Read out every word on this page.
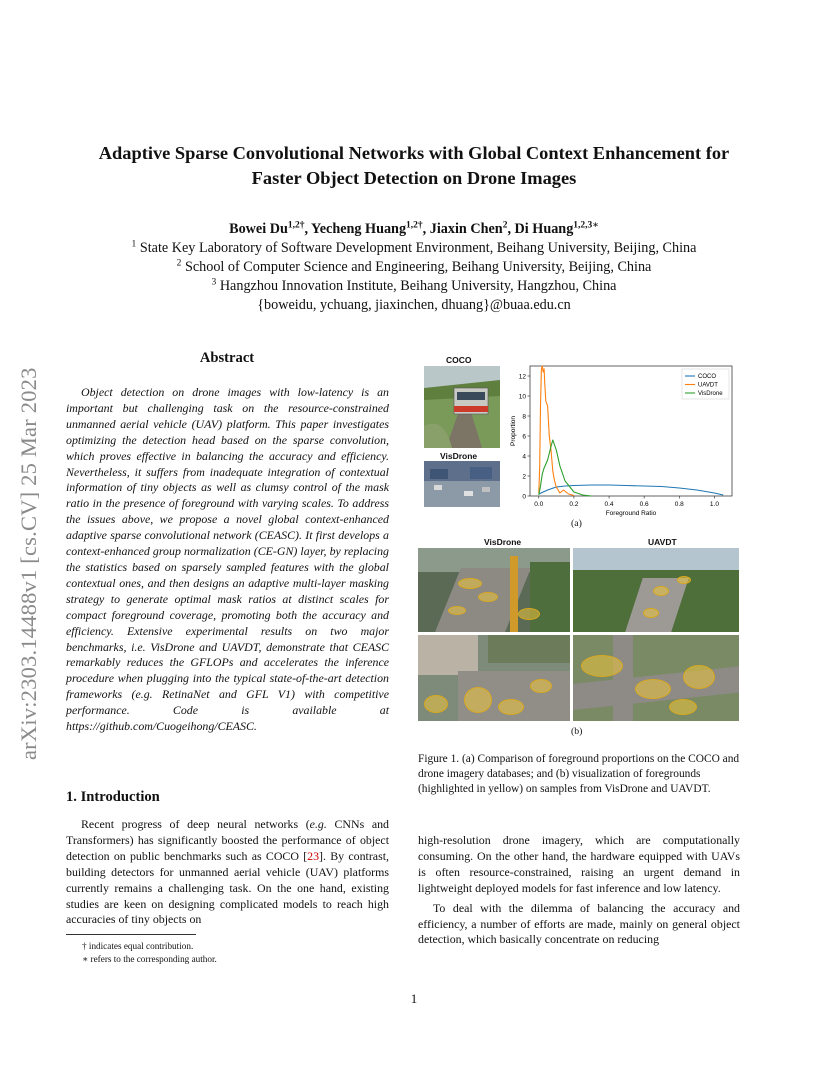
arXiv:2303.14488v1 [cs.CV] 25 Mar 2023
Adaptive Sparse Convolutional Networks with Global Context Enhancement for
Faster Object Detection on Drone Images
Bowei $Du^{1,2\dagger}$, Yecheng Huang$^{1,2\dagger}$, Jiaxin Chen$^2$, Di Huang$^{1,2,3∗}$
$^1$ State Key Laboratory of Software Development Environment, Beihang University, Beijing, China
$^2$ School of Computer Science and Engineering, Beihang University, Beijing, China
$^3$ Hangzhou Innovation Institute, Beihang University, Hangzhou, China
{boweidu, ychuang, jiaxinchen, dhuang}@buaa.edu.cn
Abstract
Object detection on drone images with low-latency is an important but challenging task on the resource-constrained unmanned aerial vehicle (UAV) platform. This paper investigates optimizing the detection head based on the sparse convolution, which proves effective in balancing the accuracy and efficiency. Nevertheless, it suffers from inadequate integration of contextual information of tiny objects as well as clumsy control of the mask ratio in the presence of foreground with varying scales. To address the issues above, we propose a novel global context-enhanced adaptive sparse convolutional network (CEASC). It first develops a context-enhanced group normalization (CE-GN) layer, by replacing the statistics based on sparsely sampled features with the global contextual ones, and then designs an adaptive multi-layer masking strategy to generate optimal mask ratios at distinct scales for compact foreground coverage, promoting both the accuracy and efficiency. Extensive experimental results on two major benchmarks, i.e. VisDrone and UAVDT, demonstrate that CEASC remarkably reduces the GFLOPs and accelerates the inference procedure when plugging into the typical state-of-the-art detection frameworks (e.g. RetinaNet and GFL V1) with competitive performance. Code is available at https://github.com/Cuogeihong/CEASC.
1. Introduction
Recent progress of deep neural networks (e.g. CNNs and Transformers) has significantly boosted the performance of object detection on public benchmarks such as COCO [23]. By contrast, building detectors for unmanned aerial vehicle (UAV) platforms currently remains a challenging task. On the one hand, existing studies are keen on designing complicated models to reach high accuracies of tiny objects on
† indicates equal contribution.
∗ refers to the corresponding author.
COCO
VisDrone
0.0	0.2	0.4	0.6	0.8	1.0
0
2
4
6
8
10
12
Foreground Ratio
Proportion
COCO
UAVDT
VisDrone
(a)
VisDrone	UAVDT
(b)
Figure 1. (a) Comparison of foreground proportions on the COCO and drone imagery databases; and (b) visualization of foregrounds (highlighted in yellow) on samples from VisDrone and UAVDT.
high-resolution drone imagery, which are computationally consuming. On the other hand, the hardware equipped with UAVs is often resource-constrained, raising an urgent demand in lightweight deployed models for fast inference and low latency.
To deal with the dilemma of balancing the accuracy and efficiency, a number of efforts are made, mainly on general object detection, which basically concentrate on reducing
1
